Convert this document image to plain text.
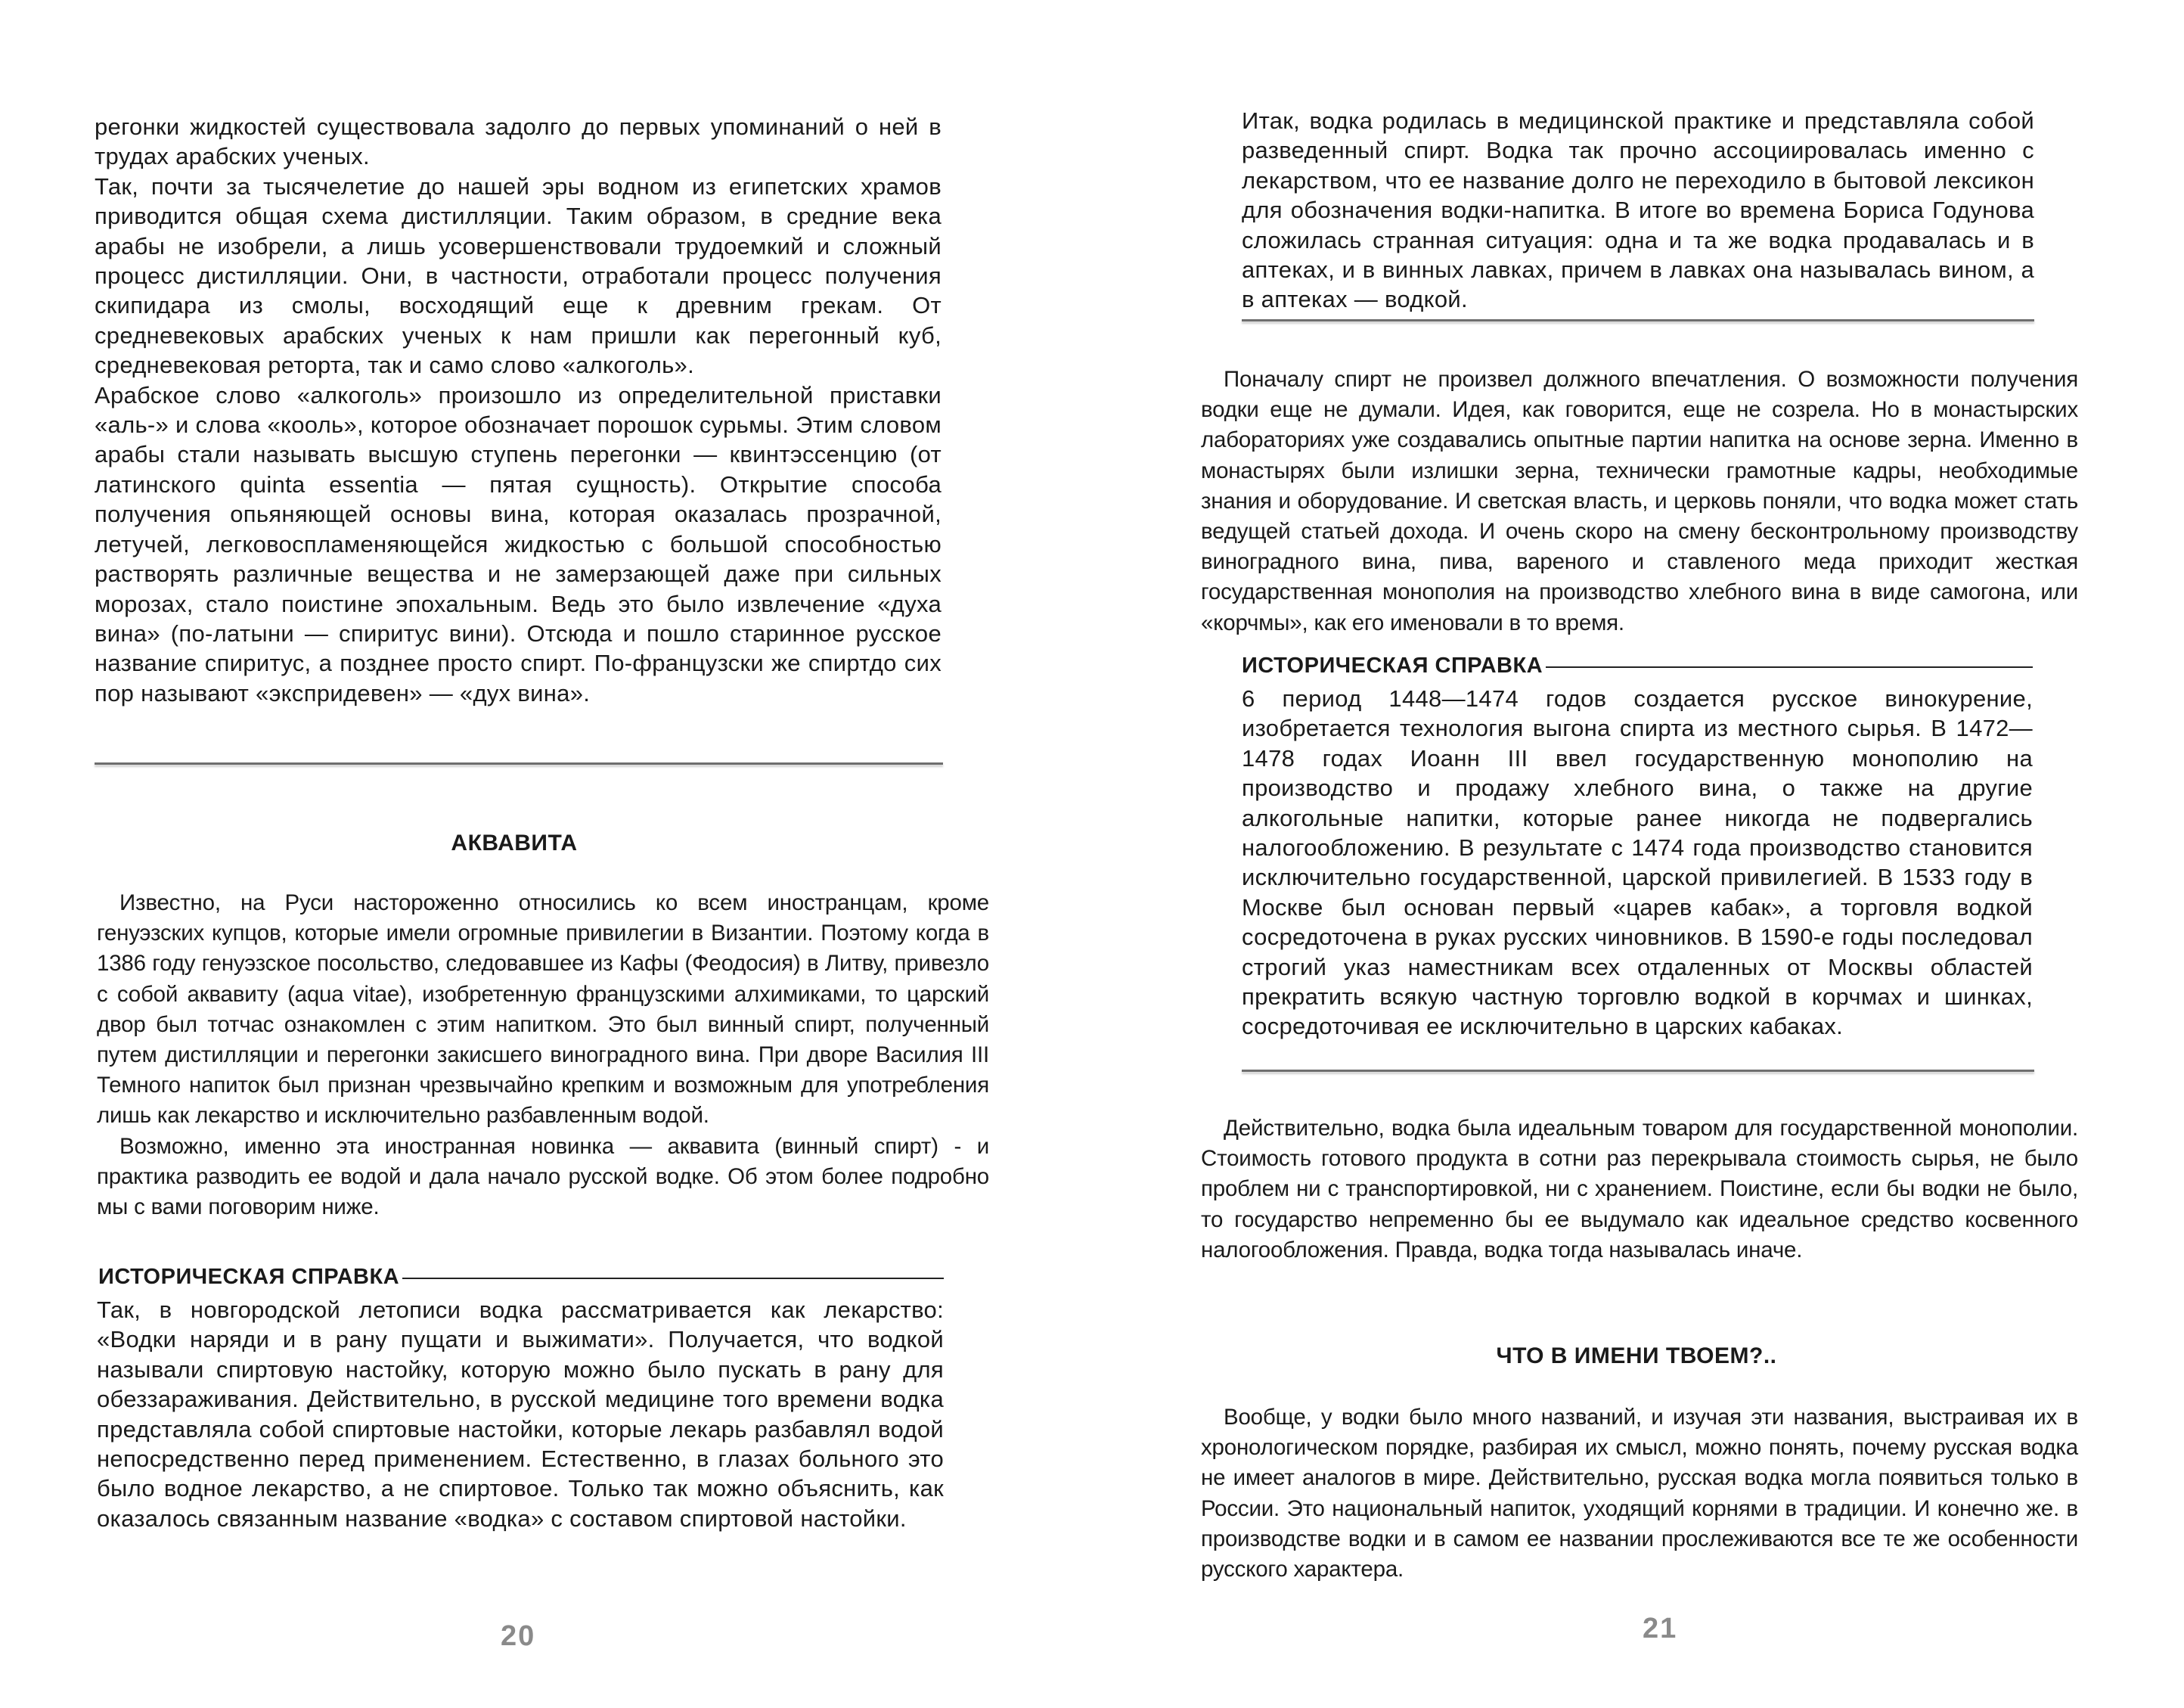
регонки жидкостей существовала задолго до первых упоминаний о ней в трудах арабских ученых.

Так, почти за тысячелетие до нашей эры водном из египетских храмов приводится общая схема дистилляции. Таким образом, в средние века арабы не изобрели, а лишь усовершенствовали трудоемкий и сложный процесс дистилляции. Они, в частности, отработали процесс получения скипидара из смолы, восходящий еще к древним грекам. От средневековых арабских ученых к нам пришли как перегонный куб, средневековая реторта, так и само слово «алкоголь».

Арабское слово «алкоголь» произошло из определительной приставки «аль-» и слова «кооль», которое обозначает порошок сурьмы. Этим словом арабы стали называть высшую ступень перегонки — квинтэссенцию (от латинского quinta essentia — пятая сущность). Открытие способа получения опьяняющей основы вина, которая оказалась прозрачной, летучей, легковоспламеняющейся жидкостью с большой способностью растворять различные вещества и не замерзающей даже при сильных морозах, стало поистине эпохальным. Ведь это было извлечение «духа вина» (по-латыни — спиритус вини). Отсюда и пошло старинное русское название спиритус, а позднее просто спирт. По-французски же спиртдо сих пор называют «экспридевен» — «дух вина».

АКВАВИТА

Известно, на Руси настороженно относились ко всем иностранцам, кроме генуэзских купцов, которые имели огромные привилегии в Византии. Поэтому когда в 1386 году генуэзское посольство, следовавшее из Кафы (Феодосия) в Литву, привезло с собой аквавиту (aqua vitae), изобретенную французскими алхимиками, то царский двор был тотчас ознакомлен с этим напитком. Это был винный спирт, полученный путем дистилляции и перегонки закисшего виноградного вина. При дворе Василия III Темного напиток был признан чрезвычайно крепким и возможным для употребления лишь как лекарство и исключительно разбавленным водой.

Возможно, именно эта иностранная новинка — аквавита (винный спирт) - и практика разводить ее водой и дала начало русской водке. Об этом более подробно мы с вами поговорим ниже.

ИСТОРИЧЕСКАЯ СПРАВКА

Так, в новгородской летописи водка рассматривается как лекарство: «Водки наряди и в рану пущати и выжимати». Получается, что водкой называли спиртовую настойку, которую можно было пускать в рану для обеззараживания. Действительно, в русской медицине того времени водка представляла собой спиртовые настойки, которые лекарь разбавлял водой непосредственно перед применением. Естественно, в глазах больного это было водное лекарство, а не спиртовое. Только так можно объяснить, как оказалось связанным название «водка» с составом спиртовой настойки.

20

Итак, водка родилась в медицинской практике и представляла собой разведенный спирт. Водка так прочно ассоциировалась именно с лекарством, что ее название долго не переходило в бытовой лексикон для обозначения водки-напитка. В итоге во времена Бориса Годунова сложилась странная ситуация: одна и та же водка продавалась и в аптеках, и в винных лавках, причем в лавках она называлась вином, а в аптеках — водкой.

Поначалу спирт не произвел должного впечатления. О возможности получения водки еще не думали. Идея, как говорится, еще не созрела. Но в монастырских лабораториях уже создавались опытные партии напитка на основе зерна. Именно в монастырях были излишки зерна, технически грамотные кадры, необходимые знания и оборудование. И светская власть, и церковь поняли, что водка может стать ведущей статьей дохода. И очень скоро на смену бесконтрольному производству виноградного вина, пива, вареного и ставленого меда приходит жесткая государственная монополия на производство хлебного вина в виде самогона, или «корчмы», как его именовали в то время.

ИСТОРИЧЕСКАЯ СПРАВКА

6 период 1448—1474 годов создается русское винокурение, изобретается технология выгона спирта из местного сырья. В 1472—1478 годах Иоанн III ввел государственную монополию на производство и продажу хлебного вина, о также на другие алкогольные напитки, которые ранее никогда не подвергались налогообложению. В результате с 1474 года производство становится исключительно государственной, царской привилегией. В 1533 году в Москве был основан первый «царев кабак», а торговля водкой сосредоточена в руках русских чиновников. В 1590-е годы последовал строгий указ наместникам всех отдаленных от Москвы областей прекратить всякую частную торговлю водкой в корчмах и шинках, сосредоточивая ее исключительно в царских кабаках.

Действительно, водка была идеальным товаром для государственной монополии. Стоимость готового продукта в сотни раз перекрывала стоимость сырья, не было проблем ни с транспортировкой, ни с хранением. Поистине, если бы водки не было, то государство непременно бы ее выдумало как идеальное средство косвенного налогообложения. Правда, водка тогда называлась иначе.

ЧТО В ИМЕНИ ТВОЕМ?..

Вообще, у водки было много названий, и изучая эти названия, выстраивая их в хронологическом порядке, разбирая их смысл, можно понять, почему русская водка не имеет аналогов в мире. Действительно, русская водка могла появиться только в России. Это национальный напиток, уходящий корнями в традиции. И конечно же. в производстве водки и в самом ее названии прослеживаются все те же особенности русского характера.

21
